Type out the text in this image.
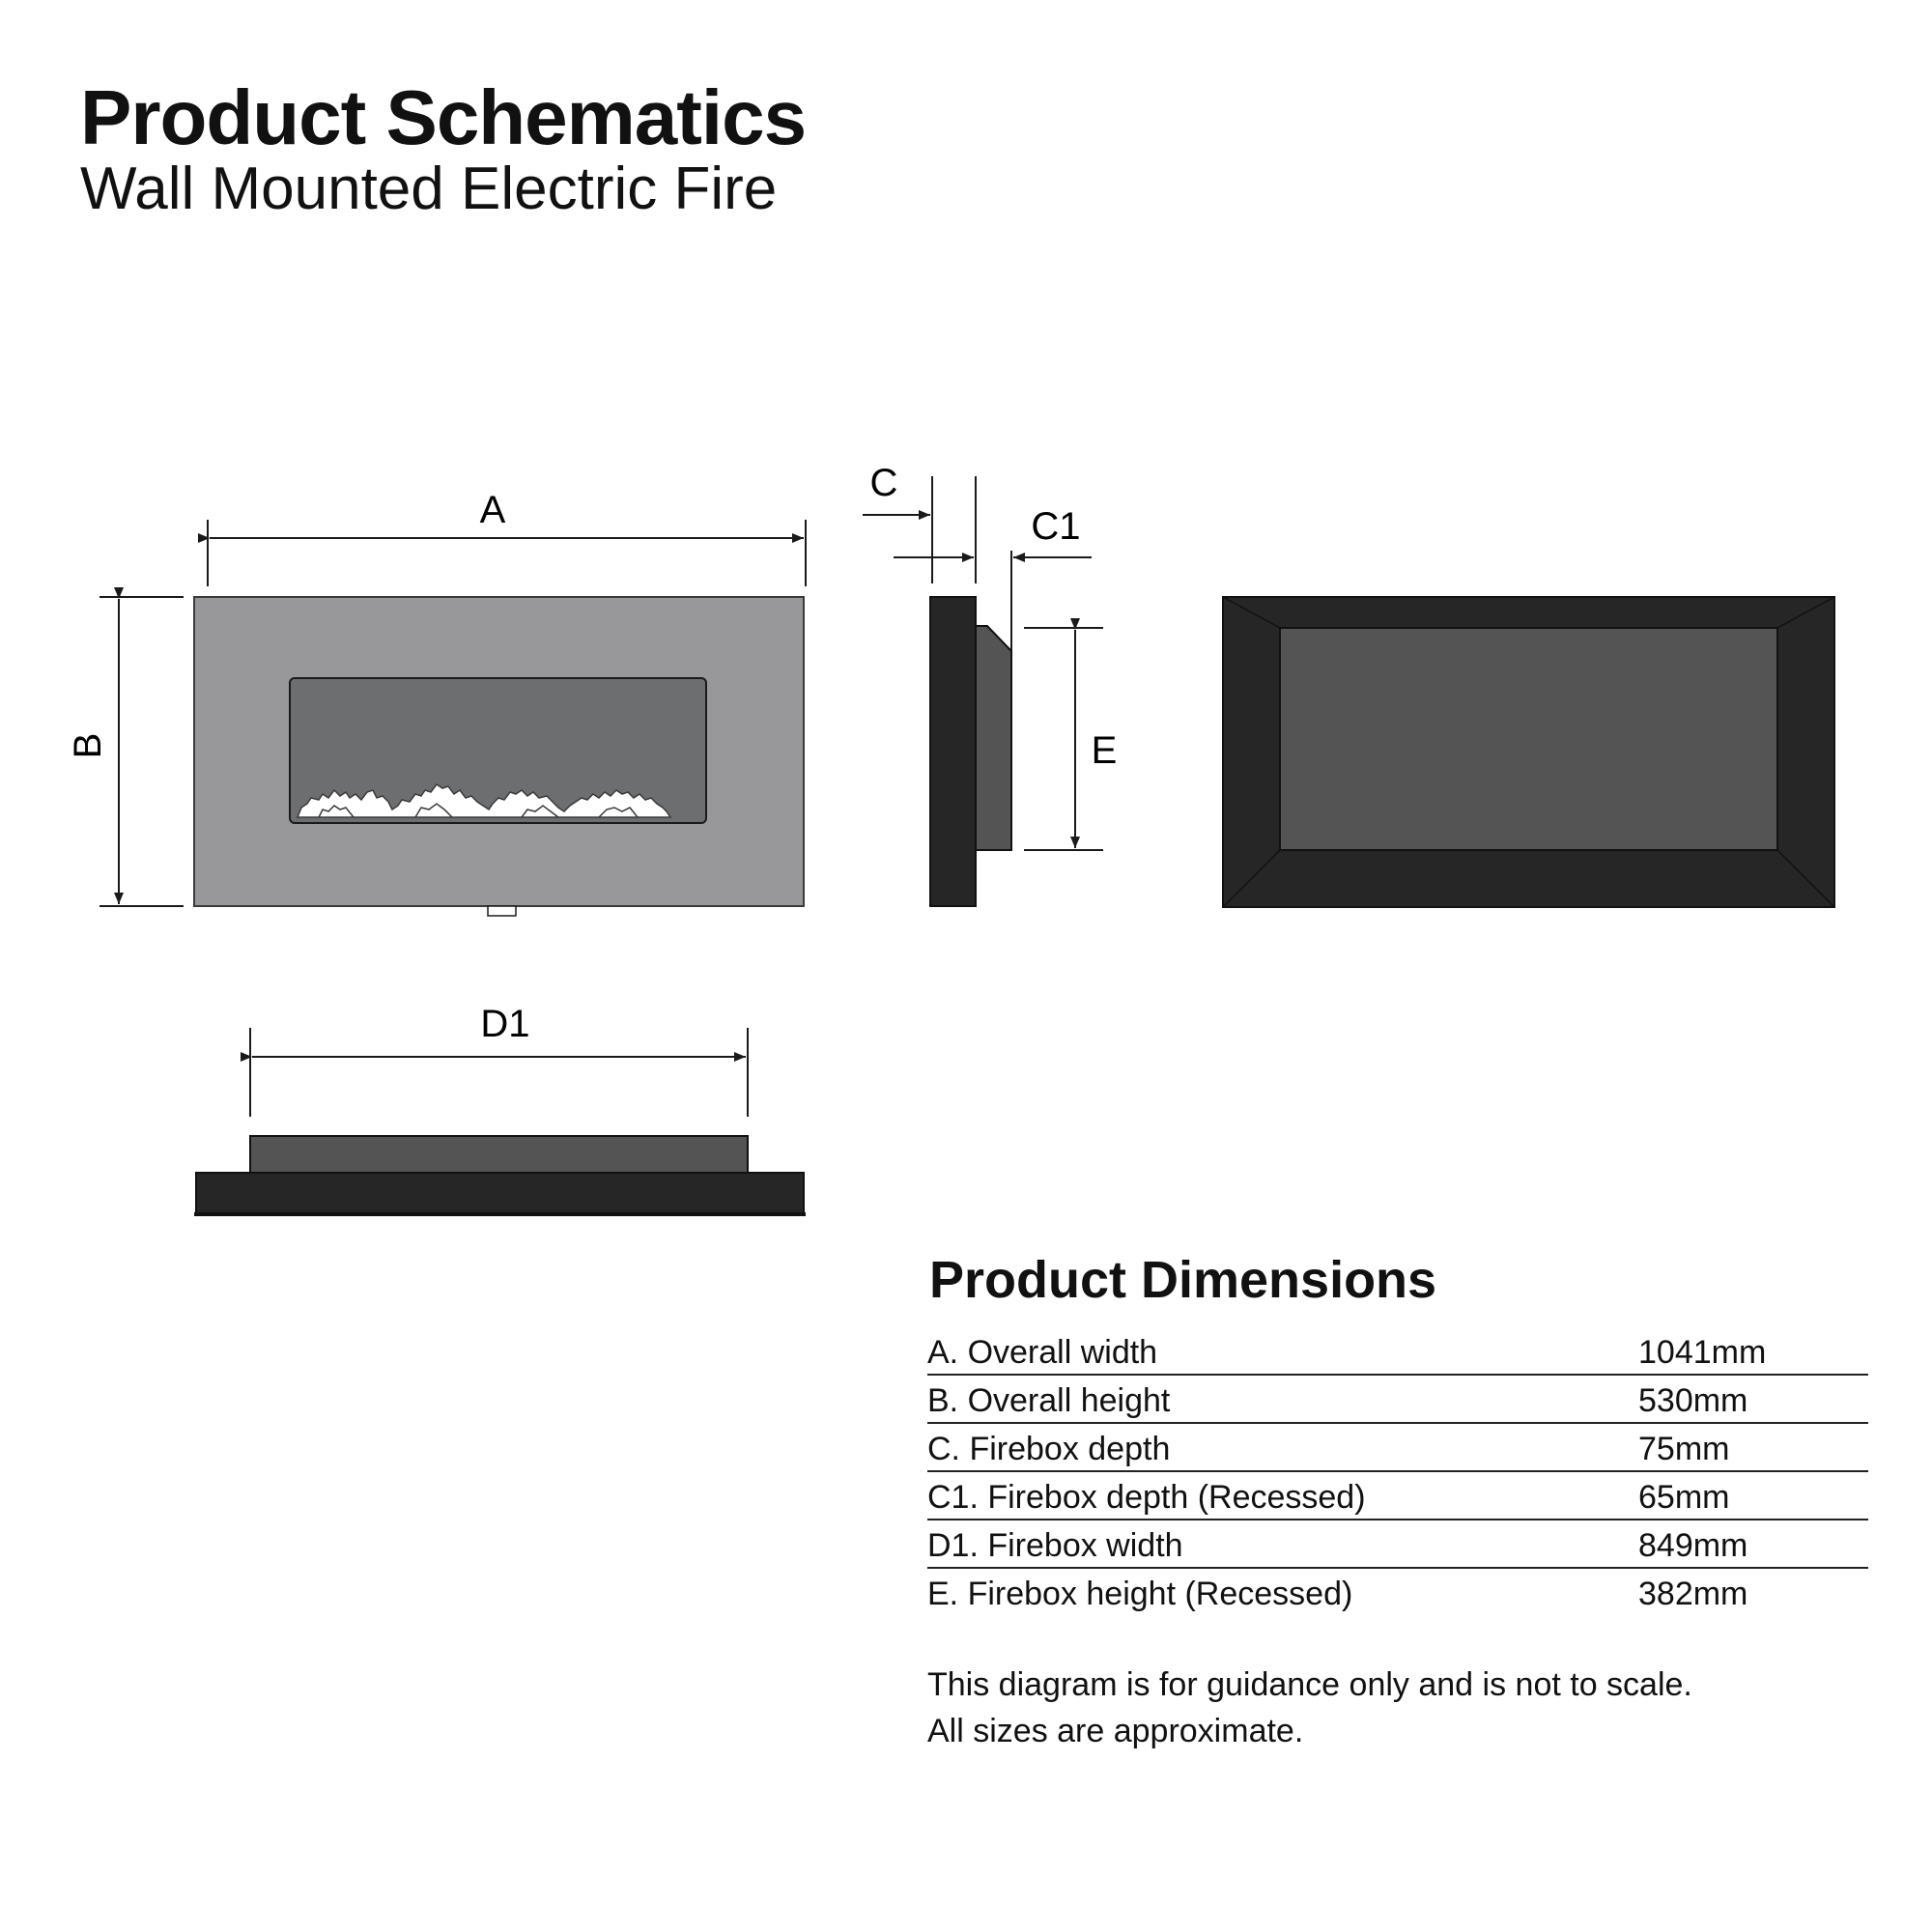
Product Schematics
Wall Mounted Electric Fire
A
B
C
C1
E
D1
Product Dimensions
A. Overall width	1041mm
B. Overall height	530mm
C. Firebox depth	75mm
C1. Firebox depth (Recessed)	65mm
D1. Firebox width	849mm
E. Firebox height (Recessed)	382mm

This diagram is for guidance only and is not to scale.
All sizes are approximate.
